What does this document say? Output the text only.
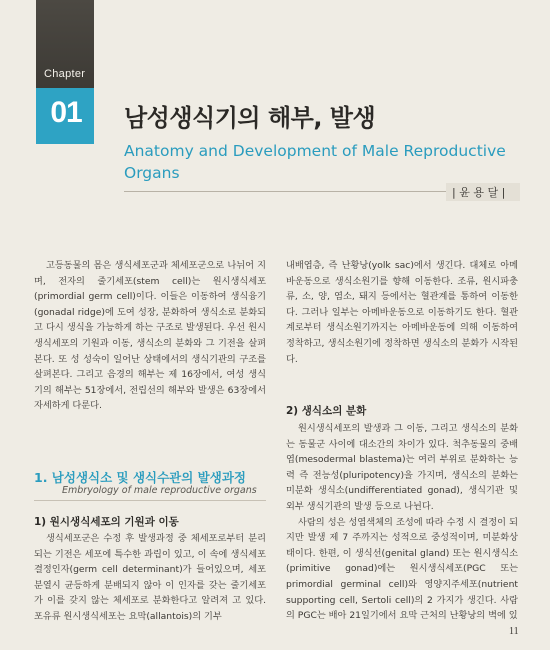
Chapter
01	남성생식기의 해부, 발생
Anatomy and Development of Male Reproductive Organs
| 윤 용 달 |

고등동물의 몸은 생식세포군과 체세포군으로 나뉘어 지며, 전자의 줄기세포(stem cell)는 원시생식세포(primordial germ cell)이다. 이들은 이동하여 생식융기(gonadal ridge)에 도여 성장, 분화하여 생식소로 분화되고 다시 생식을 가능하게 하는 구조로 발생된다. 우선 원시생식세포의 기원과 이동, 생식소의 분화와 그 기전을 살펴본다. 또 성 성숙이 일어난 상태에서의 생식기관의 구조를 살펴본다. 그리고 음경의 해부는 제 16장에서, 여성 생식기의 해부는 51장에서, 전립선의 해부와 발생은 63장에서 자세하게 다룬다.

1. 남성생식소 및 생식수관의 발생과정
Embryology of male reproductive organs
1) 원시생식세포의 기원과 이동

생식세포군은 수정 후 발생과정 중 체세포로부터 분리되는 기전은 세포에 특수한 과립이 있고, 이 속에 생식세포결정인자(germ cell determinant)가 들어있으며, 세포분열시 균등하게 분배되지 않아 이 인자를 갖는 줄기세포가 이를 갖지 않는 체세포로 분화한다고 알려져 고 있다. 포유류 원시생식세포는 요막(allantois)의 기부

내배엽층, 즉 난황낭(yolk sac)에서 생긴다. 대체로 아메바운동으로 생식소원기를 향해 이동한다. 조류, 원시파충류, 소, 양, 염소, 돼지 등에서는 혈관계를 통하여 이동한다. 그러나 일부는 아메바운동으로 이동하기도 한다. 혈관계로부터 생식소원기까지는 아메바운동에 의해 이동하여 정착하고, 생식소원기에 정착하면 생식소의 분화가 시작된다.

2) 생식소의 분화

원시생식세포의 발생과 그 이동, 그리고 생식소의 분화는 동물군 사이에 대소간의 차이가 있다. 척추동물의 중배엽(mesodermal blastema)는 여러 부위로 분화하는 능력 즉 전능성(pluripotency)을 가지며, 생식소의 분화는 미분화 생식소(undifferentiated gonad), 생식기관 및 외부 생식기관의 발생 등으로 나뉜다.

사람의 성은 성염색체의 조성에 따라 수정 시 결정이 되지만 발생 제 7 주까지는 성적으로 중성적이며, 미분화상태이다. 한편, 이 생식선(genital gland) 또는 원시생식소(primitive gonad)에는 원시생식세포(PGC 또는 primordial germinal cell)와 영양지주세포(nutrient supporting cell, Sertoli cell)의 2 가지가 생긴다. 사람의 PGC는 배아 21일기에서 요막 근처의 난황낭의 벽에 있

11
